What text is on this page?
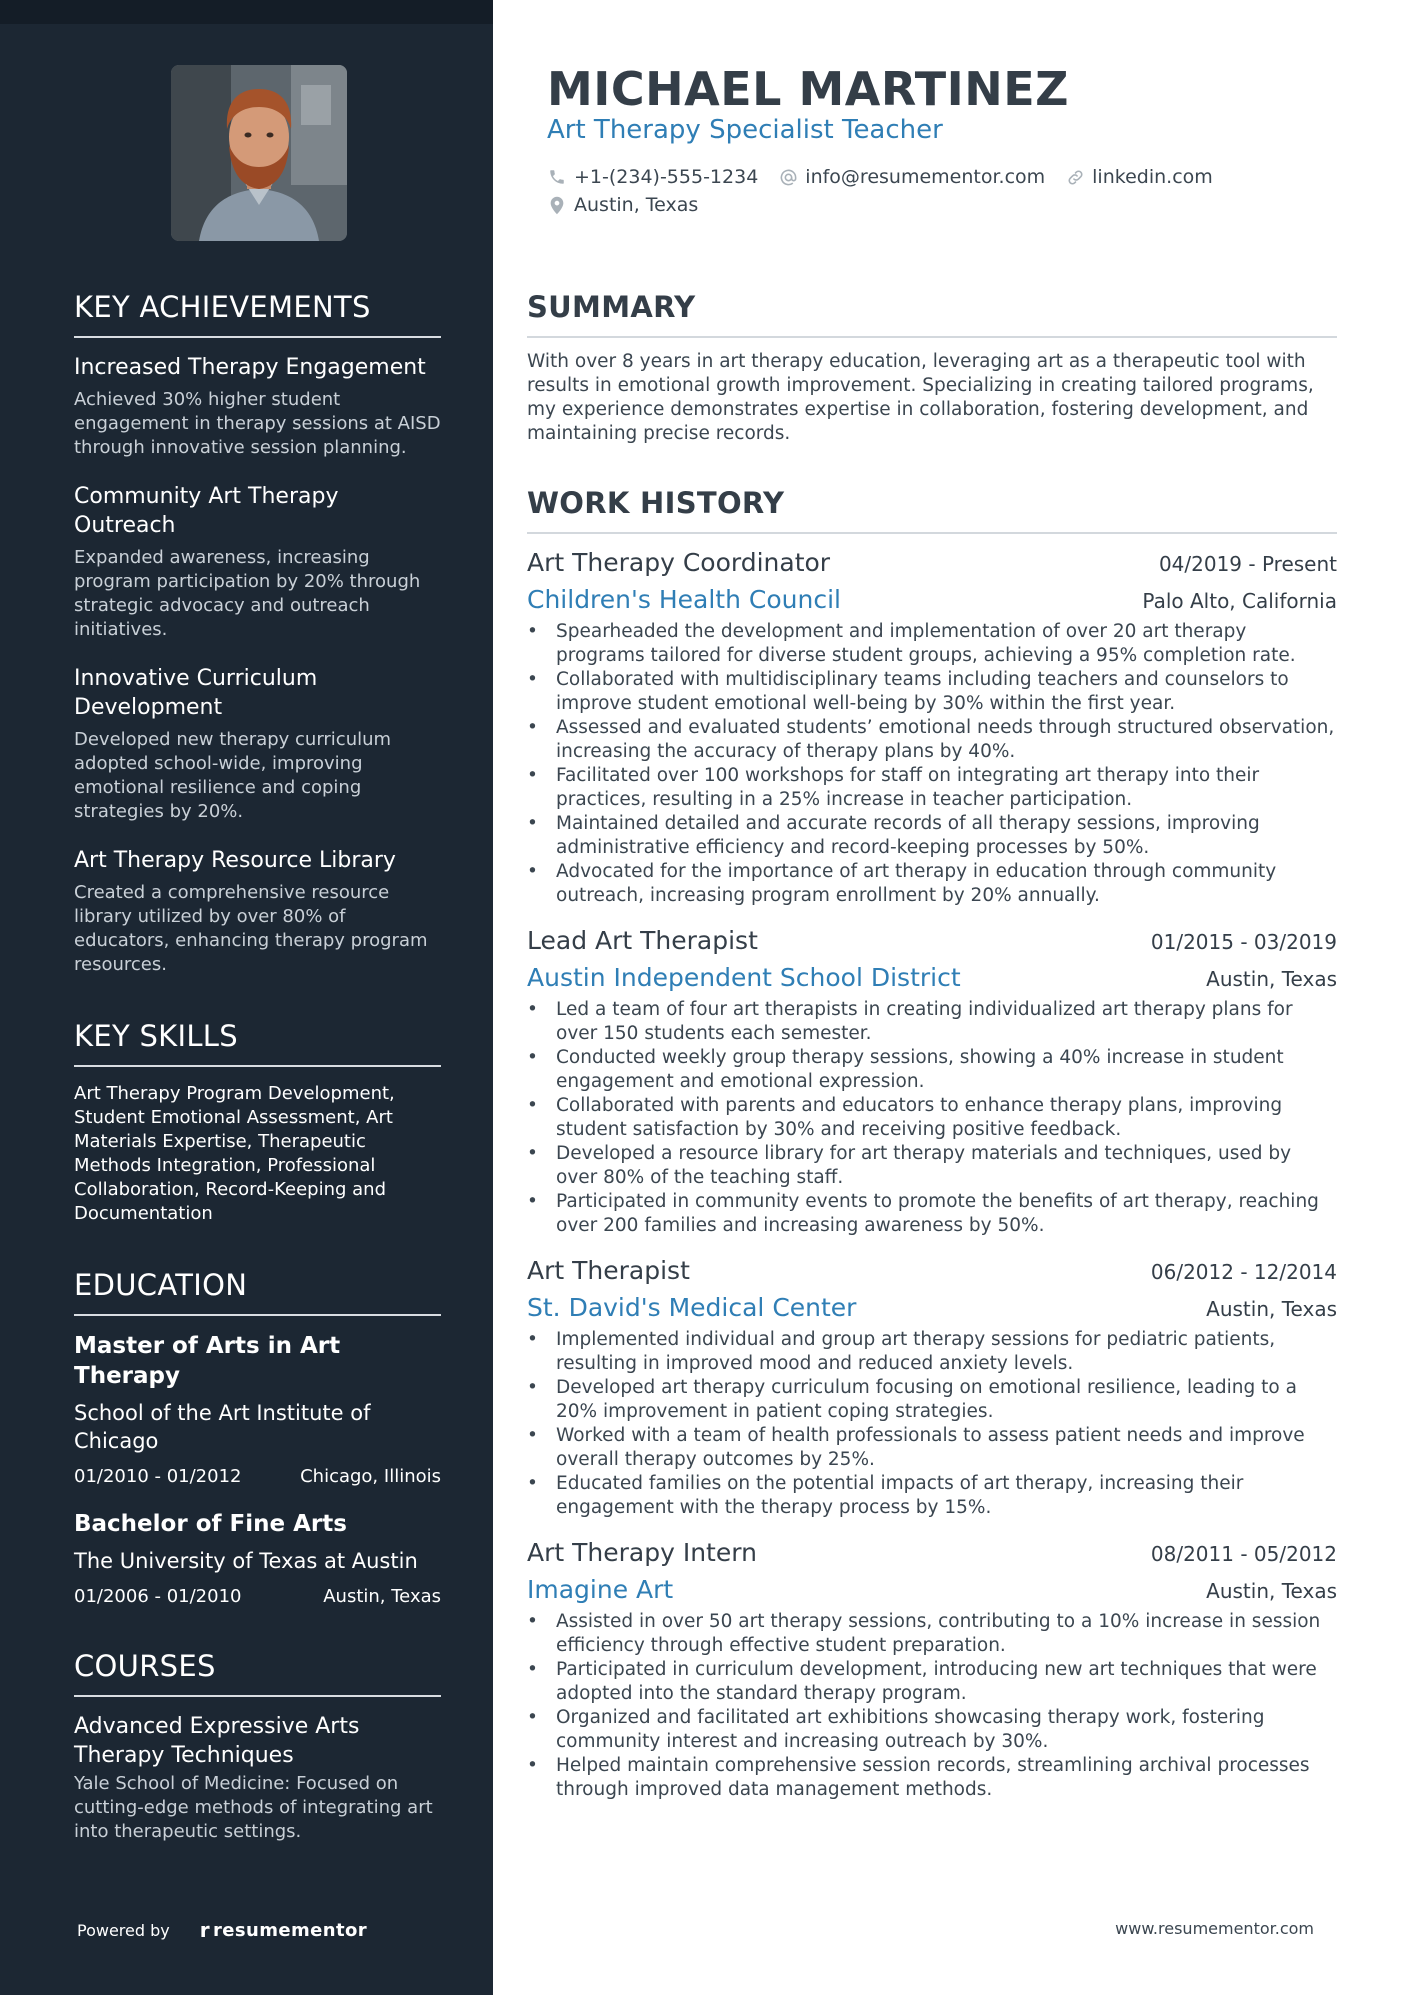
KEY ACHIEVEMENTS
Increased Therapy Engagement
Achieved 30% higher student engagement in therapy sessions at AISD through innovative session planning.
Community Art Therapy Outreach
Expanded awareness, increasing program participation by 20% through strategic advocacy and outreach initiatives.
Innovative Curriculum Development
Developed new therapy curriculum adopted school-wide, improving emotional resilience and coping strategies by 20%.
Art Therapy Resource Library
Created a comprehensive resource library utilized by over 80% of educators, enhancing therapy program resources.
KEY SKILLS

Art Therapy Program Development, Student Emotional Assessment, Art Materials Expertise, Therapeutic Methods Integration, Professional Collaboration, Record-Keeping and Documentation

EDUCATION
Master of Arts in Art Therapy
School of the Art Institute of Chicago
01/2010 - 01/2012	Chicago, Illinois
Bachelor of Fine Arts
The University of Texas at Austin
01/2006 - 01/2010	Austin, Texas
COURSES
Advanced Expressive Arts Therapy Techniques
Yale School of Medicine: Focused on cutting-edge methods of integrating art into therapeutic settings.
Powered by r resumementor
MICHAEL MARTINEZ
Art Therapy Specialist Teacher
+1-(234)-555-1234 info@resumementor.com linkedin.com
Austin, Texas
SUMMARY

With over 8 years in art therapy education, leveraging art as a therapeutic tool with results in emotional growth improvement. Specializing in creating tailored programs, my experience demonstrates expertise in collaboration, fostering development, and maintaining precise records.

WORK HISTORY
Art Therapy Coordinator	04/2019 - Present
Children's Health Council	Palo Alto, California
• Spearheaded the development and implementation of over 20 art therapy programs tailored for diverse student groups, achieving a 95% completion rate.
• Collaborated with multidisciplinary teams including teachers and counselors to improve student emotional well-being by 30% within the first year.
• Assessed and evaluated students’ emotional needs through structured observation, increasing the accuracy of therapy plans by 40%.
• Facilitated over 100 workshops for staff on integrating art therapy into their practices, resulting in a 25% increase in teacher participation.
• Maintained detailed and accurate records of all therapy sessions, improving administrative efficiency and record-keeping processes by 50%.
• Advocated for the importance of art therapy in education through community outreach, increasing program enrollment by 20% annually.
Lead Art Therapist	01/2015 - 03/2019
Austin Independent School District	Austin, Texas
• Led a team of four art therapists in creating individualized art therapy plans for over 150 students each semester.
• Conducted weekly group therapy sessions, showing a 40% increase in student engagement and emotional expression.
• Collaborated with parents and educators to enhance therapy plans, improving student satisfaction by 30% and receiving positive feedback.
• Developed a resource library for art therapy materials and techniques, used by over 80% of the teaching staff.
• Participated in community events to promote the benefits of art therapy, reaching over 200 families and increasing awareness by 50%.
Art Therapist	06/2012 - 12/2014
St. David's Medical Center	Austin, Texas
• Implemented individual and group art therapy sessions for pediatric patients, resulting in improved mood and reduced anxiety levels.
• Developed art therapy curriculum focusing on emotional resilience, leading to a 20% improvement in patient coping strategies.
• Worked with a team of health professionals to assess patient needs and improve overall therapy outcomes by 25%.
• Educated families on the potential impacts of art therapy, increasing their engagement with the therapy process by 15%.
Art Therapy Intern	08/2011 - 05/2012
Imagine Art	Austin, Texas
• Assisted in over 50 art therapy sessions, contributing to a 10% increase in session efficiency through effective student preparation.
• Participated in curriculum development, introducing new art techniques that were adopted into the standard therapy program.
• Organized and facilitated art exhibitions showcasing therapy work, fostering community interest and increasing outreach by 30%.
• Helped maintain comprehensive session records, streamlining archival processes through improved data management methods.
www.resumementor.com
